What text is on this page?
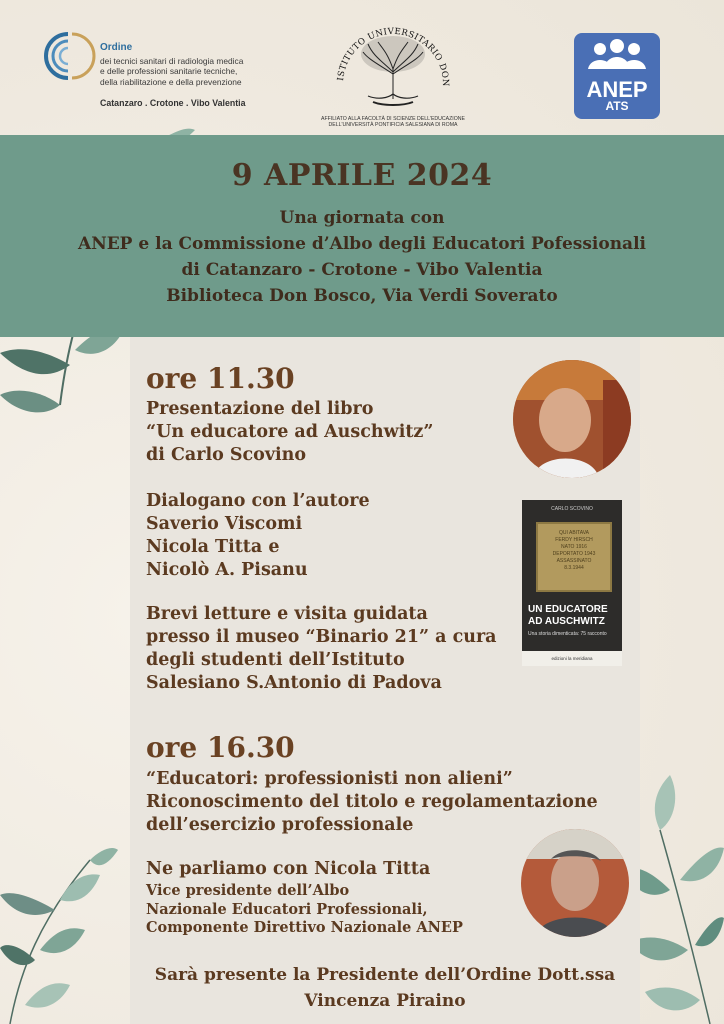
Ordine
dei tecnici sanitari di radiologia medica
e delle professioni sanitarie tecniche,
della riabilitazione e della prevenzione
Catanzaro . Crotone . Vibo Valentia
ISTITUTO UNIVERSITARIO DON
AFFILIATO ALLA FACOLTÀ DI SCIENZE DELL'EDUCAZIONE
DELL'UNIVERSITÀ PONTIFICIA SALESIANA DI ROMA
ANEP
ATS
9 APRILE 2024
Una giornata con
ANEP e la Commissione d’Albo degli Educatori Pofessionali
di Catanzaro - Crotone - Vibo Valentia
Biblioteca Don Bosco, Via Verdi Soverato
ore 11.30
Presentazione del libro
“Un educatore ad Auschwitz”
di Carlo Scovino
Dialogano con l’autore
Saverio Viscomi
Nicola Titta e
Nicolò A. Pisanu
Brevi letture e visita guidata
presso il museo “Binario 21” a cura
degli studenti dell’Istituto
Salesiano S.Antonio di Padova
CARLO SCOVINO
QUI ABITAVA
FERDY HIRSCH
NATO 1916
DEPORTATO 1943
ASSASSINATO
8.3.1944
UN EDUCATORE AD AUSCHWITZ
Una storia dimenticata: 75 racconto
edizioni la meridiana
ore 16.30
“Educatori: professionisti non alieni”
Riconoscimento del titolo e regolamentazione
dell’esercizio professionale
Ne parliamo con Nicola Titta
Vice presidente dell’Albo
Nazionale Educatori Professionali,
Componente Direttivo Nazionale ANEP
Sarà presente la Presidente dell’Ordine Dott.ssa
Vincenza Piraino
